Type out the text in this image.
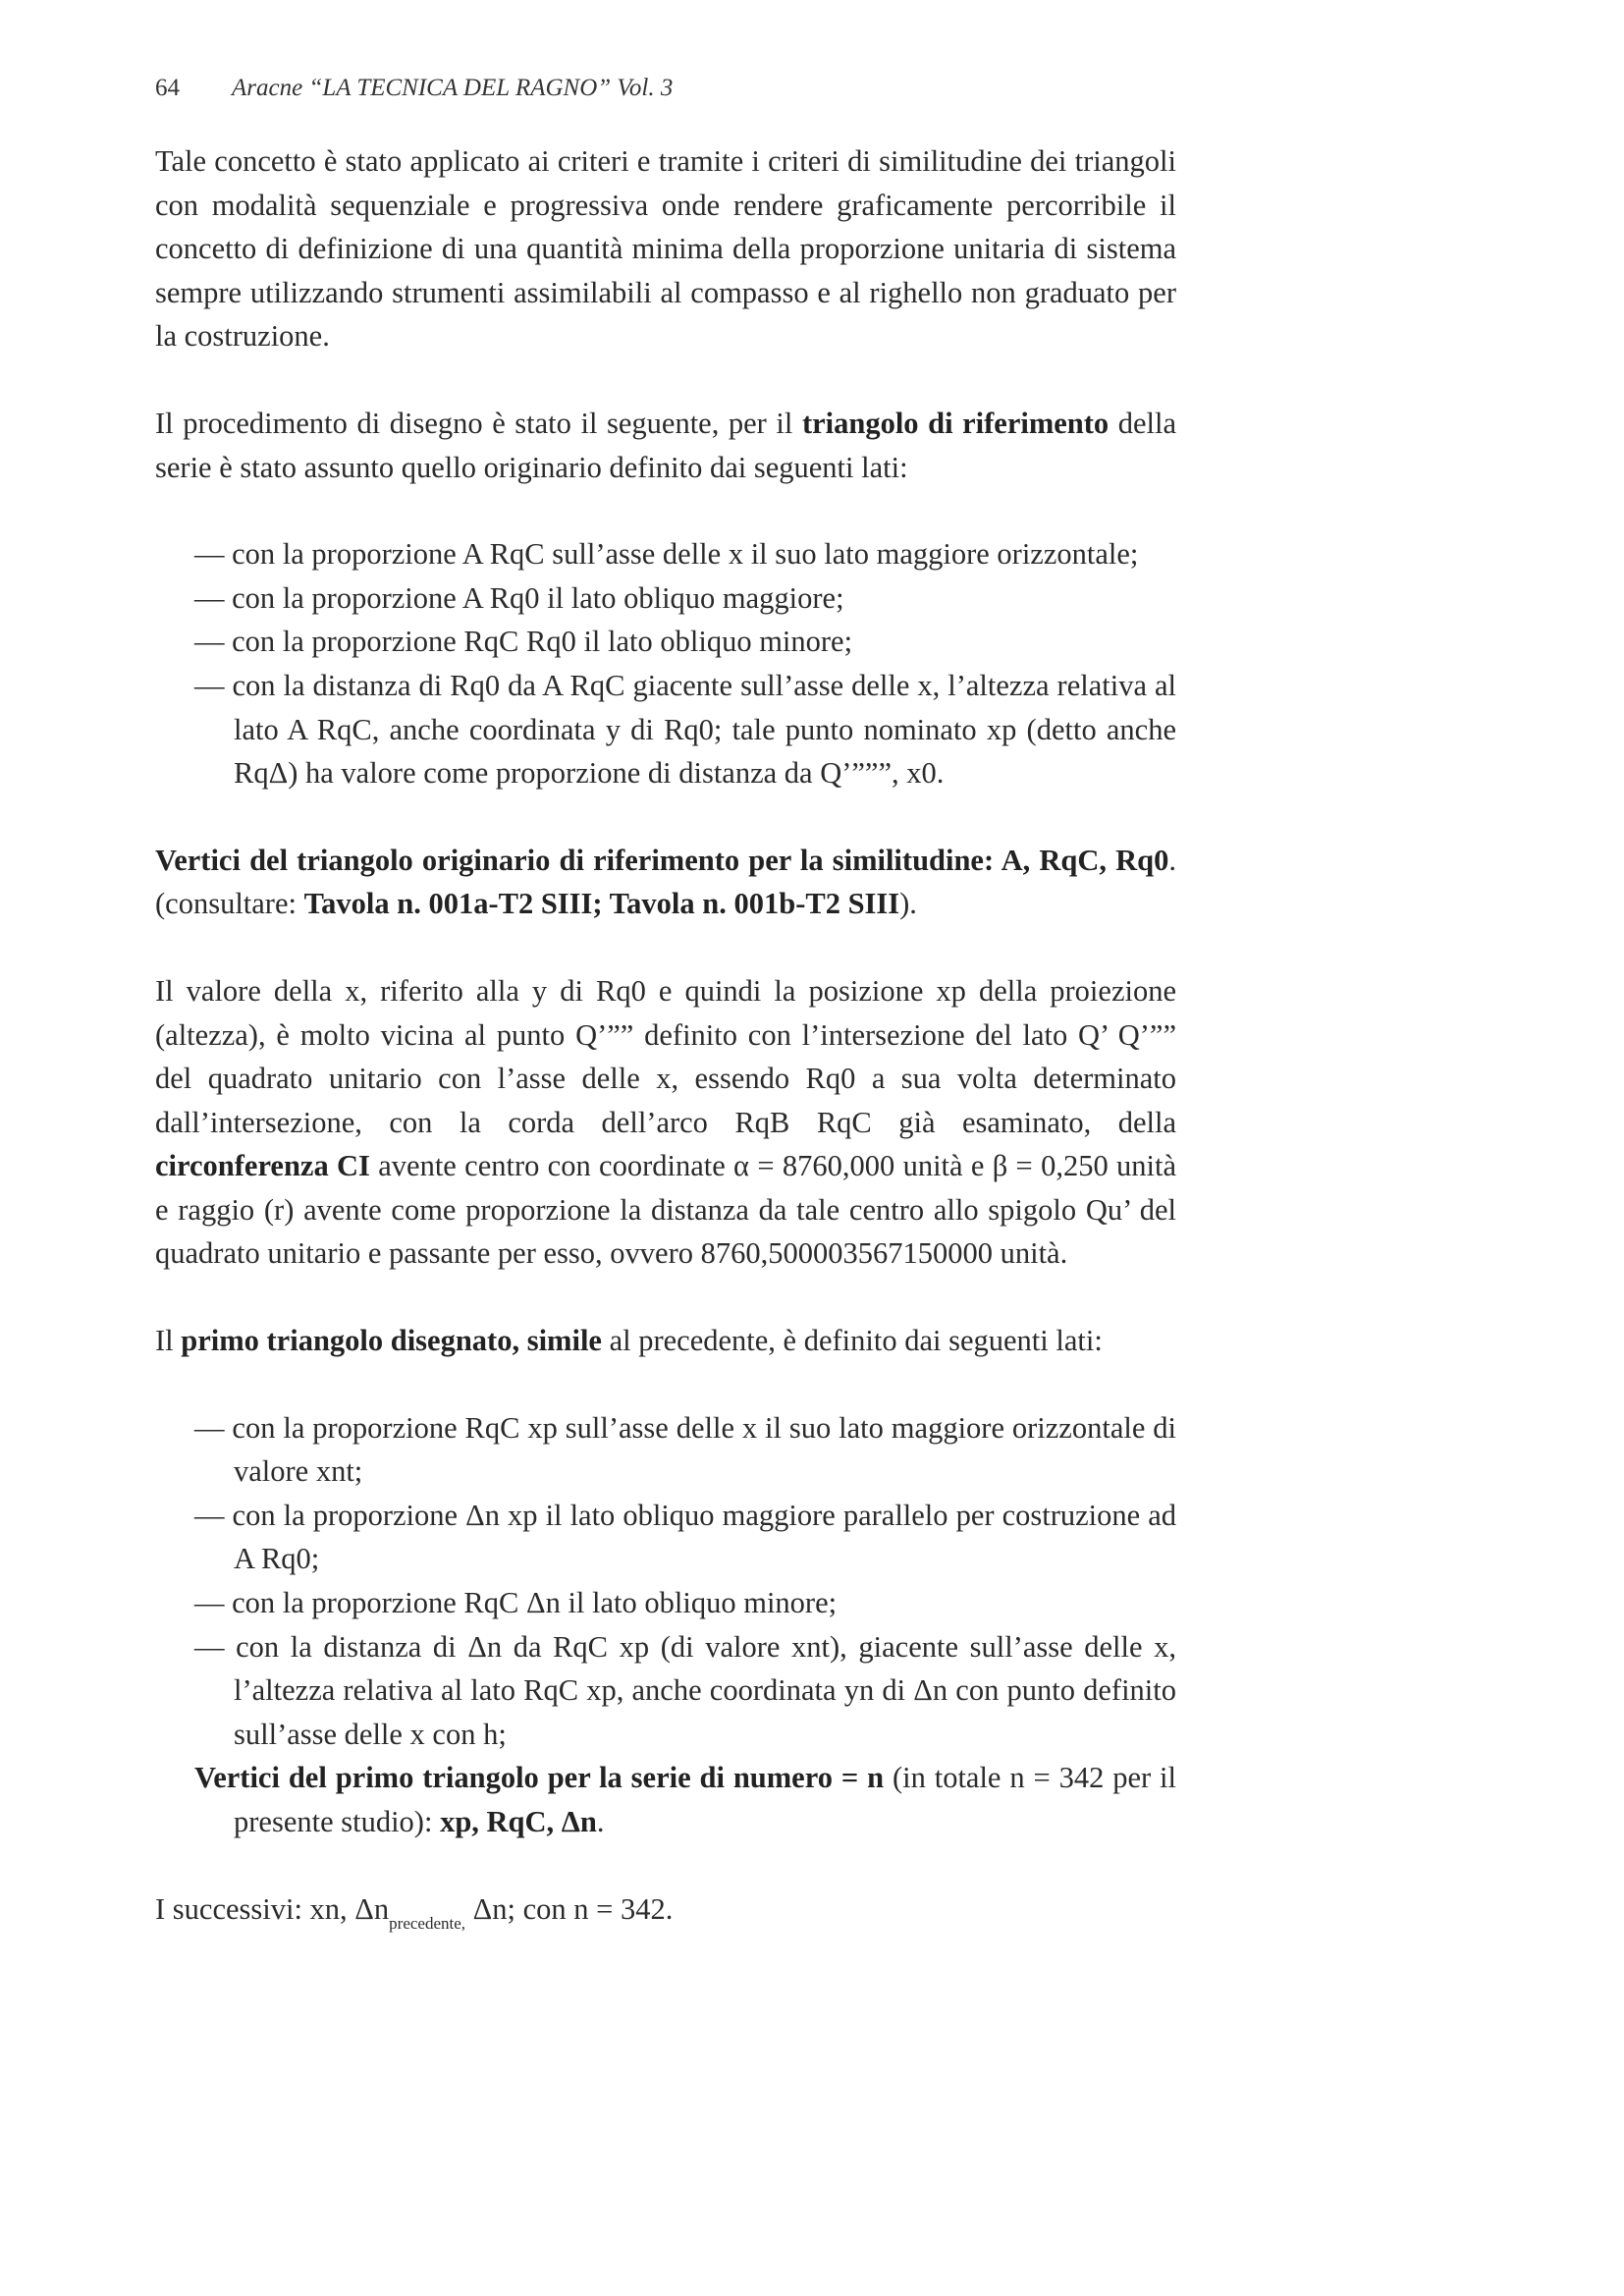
64 Aracne “LA TECNICA DEL RAGNO” Vol. 3

Tale concetto è stato applicato ai criteri e tramite i criteri di similitudine dei triangoli con modalità sequenziale e progressiva onde rendere graficamente percorribile il concetto di definizione di una quantità minima della proporzione unitaria di sistema sempre utilizzando strumenti assimilabili al compasso e al righello non graduato per la costruzione.

Il procedimento di disegno è stato il seguente, per il triangolo di riferimento della serie è stato assunto quello originario definito dai seguenti lati:

— con la proporzione A RqC sull’asse delle x il suo lato maggiore orizzontale;
— con la proporzione A Rq0 il lato obliquo maggiore;
— con la proporzione RqC Rq0 il lato obliquo minore;
— con la distanza di Rq0 da A RqC giacente sull’asse delle x, l’altezza relativa al lato A RqC, anche coordinata y di Rq0; tale punto nominato xp (detto anche RqΔ) ha valore come proporzione di distanza da Q’”””, x0.

Vertici del triangolo originario di riferimento per la similitudine: A, RqC, Rq0. (consultare: Tavola n. 001a-T2 SIII; Tavola n. 001b-T2 SIII).

Il valore della x, riferito alla y di Rq0 e quindi la posizione xp della proiezione (altezza), è molto vicina al punto Q’”” definito con l’intersezione del lato Q’ Q’”” del quadrato unitario con l’asse delle x, essendo Rq0 a sua volta determinato dall’intersezione, con la corda dell’arco RqB RqC già esaminato, della circonferenza CI avente centro con coordinate α = 8760,000 unità e β = 0,250 unità e raggio (r) avente come proporzione la distanza da tale centro allo spigolo Qu’ del quadrato unitario e passante per esso, ovvero 8760,500003567150000 unità.

Il primo triangolo disegnato, simile al precedente, è definito dai seguenti lati:

— con la proporzione RqC xp sull’asse delle x il suo lato maggiore orizzontale di valore xnt;
— con la proporzione Δn xp il lato obliquo maggiore parallelo per costruzione ad A Rq0;
— con la proporzione RqC Δn il lato obliquo minore;
— con la distanza di Δn da RqC xp (di valore xnt), giacente sull’asse delle x, l’altezza relativa al lato RqC xp, anche coordinata yn di Δn con punto definito sull’asse delle x con h;
Vertici del primo triangolo per la serie di numero = n (in totale n = 342 per il presente studio): xp, RqC, Δn.

I successivi: xn, $\Delta n_{precedente,}$ Δn; con n = 342.
